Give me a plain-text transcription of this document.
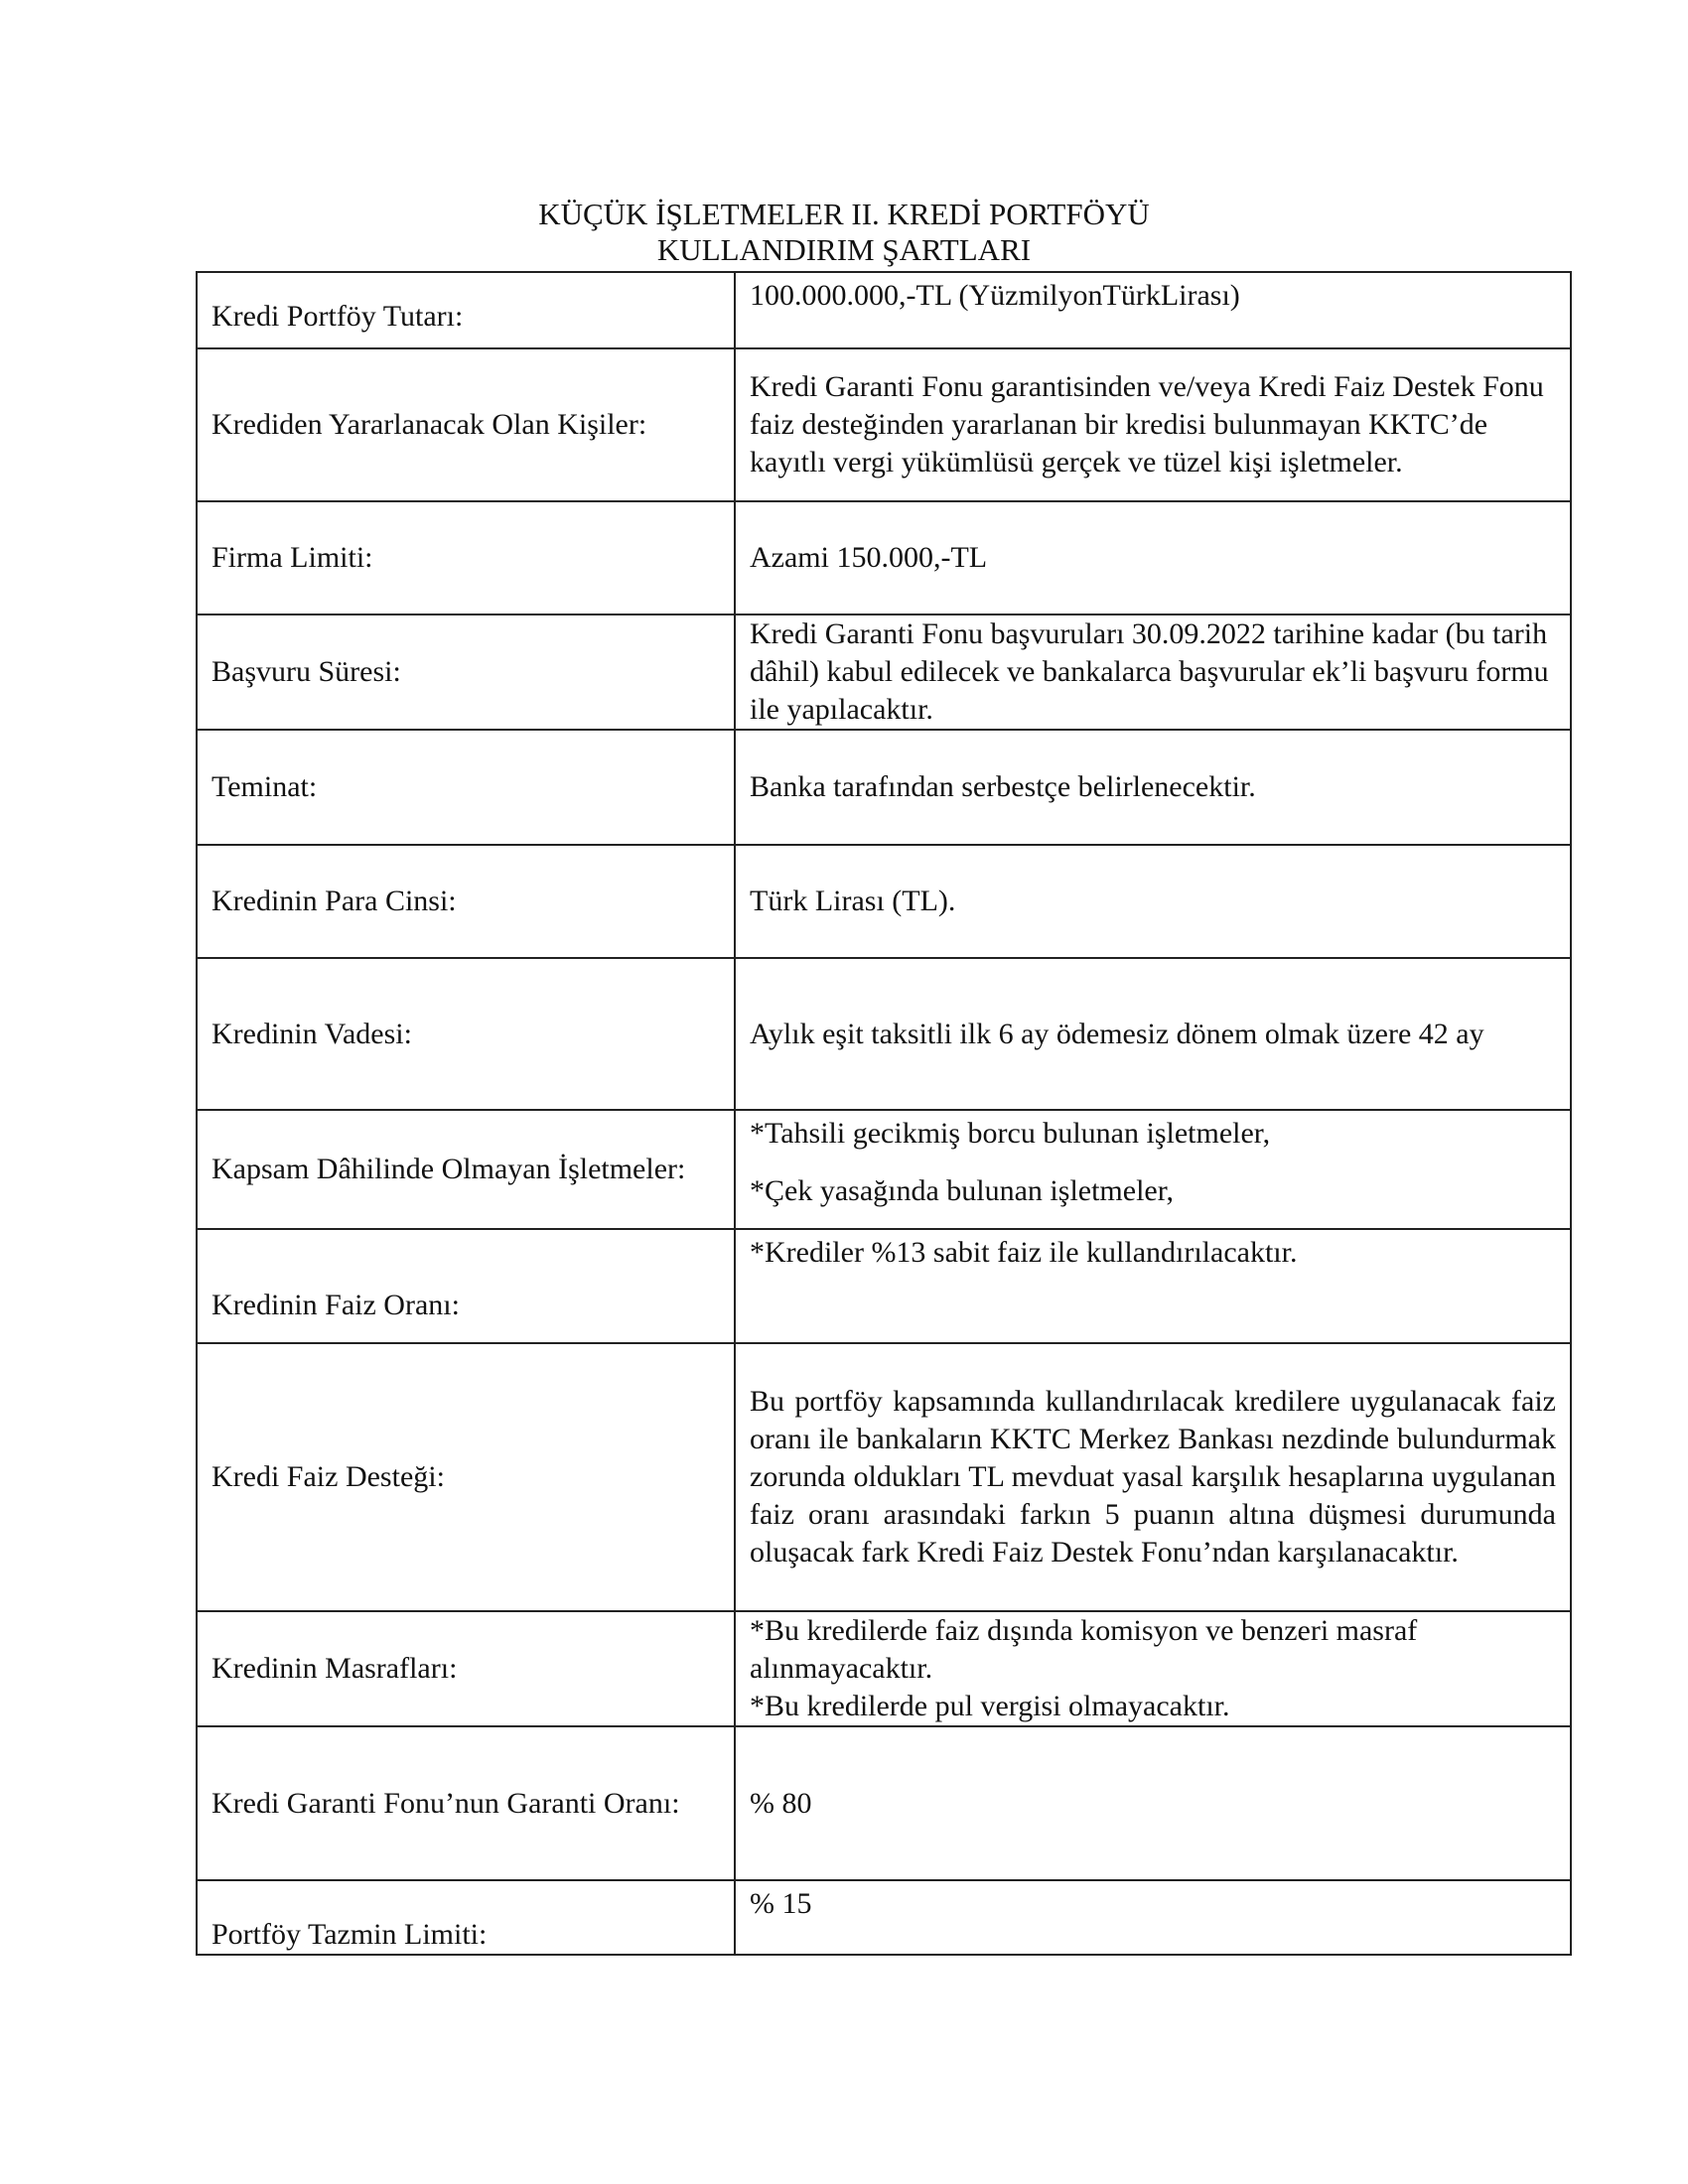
KÜÇÜK İŞLETMELER II. KREDİ PORTFÖYÜ
KULLANDIRIM ŞARTLARI
Kredi Portföy Tutarı:	100.000.000,-TL (YüzmilyonTürkLirası)
Krediden Yararlanacak Olan Kişiler:	Kredi Garanti Fonu garantisinden ve/veya Kredi Faiz Destek Fonu faiz desteğinden yararlanan bir kredisi bulunmayan KKTC’de kayıtlı vergi yükümlüsü gerçek ve tüzel kişi işletmeler.
Firma Limiti:	Azami 150.000,-TL
Başvuru Süresi:	Kredi Garanti Fonu başvuruları 30.09.2022 tarihine kadar (bu tarih dâhil) kabul edilecek ve bankalarca başvurular ek’li başvuru formu ile yapılacaktır.
Teminat:	Banka tarafından serbestçe belirlenecektir.
Kredinin Para Cinsi:	Türk Lirası (TL).
Kredinin Vadesi:	Aylık eşit taksitli ilk 6 ay ödemesiz dönem olmak üzere 42 ay
Kapsam Dâhilinde Olmayan İşletmeler:	*Tahsili gecikmiş borcu bulunan işletmeler,

*Çek yasağında bulunan işletmeler,

Kredinin Faiz Oranı:	*Krediler %13 sabit faiz ile kullandırılacaktır.
Kredi Faiz Desteği:	Bu portföy kapsamında kullandırılacak kredilere uygulanacak faiz oranı ile bankaların KKTC Merkez Bankası nezdinde bulundurmak zorunda oldukları TL mevduat yasal karşılık hesaplarına uygulanan faiz oranı arasındaki farkın 5 puanın altına düşmesi durumunda oluşacak fark Kredi Faiz Destek Fonu’ndan karşılanacaktır.
Kredinin Masrafları:	*Bu kredilerde faiz dışında komisyon ve benzeri masraf alınmayacaktır.

*Bu kredilerde pul vergisi olmayacaktır.

Kredi Garanti Fonu’nun Garanti Oranı:	% 80
Portföy Tazmin Limiti:	% 15
